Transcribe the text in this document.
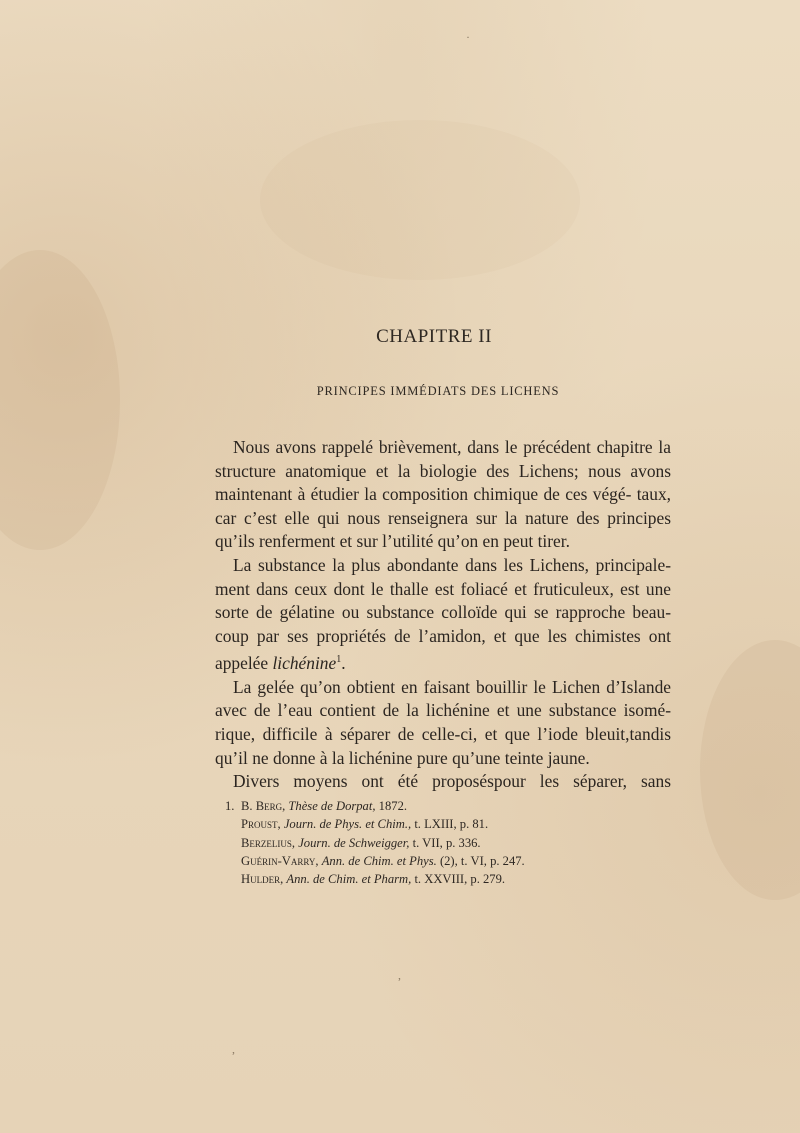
·
,
,
CHAPITRE II
PRINCIPES IMMÉDIATS DES LICHENS

Nous avons rappelé brièvement, dans le précédent chapitre la structure anatomique et la biologie des Lichens; nous avons maintenant à étudier la composition chimique de ces végé- taux, car c’est elle qui nous renseignera sur la nature des principes qu’ils renferment et sur l’utilité qu’on en peut tirer.

La substance la plus abondante dans les Lichens, principale- ment dans ceux dont le thalle est foliacé et fruticuleux, est une sorte de gélatine ou substance colloïde qui se rapproche beau- coup par ses propriétés de l’amidon, et que les chimistes ont appelée lichénine$^1$.

La gelée qu’on obtient en faisant bouillir le Lichen d’Islande avec de l’eau contient de la lichénine et une substance isomé- rique, difficile à séparer de celle-ci, et que l’iode bleuit,tandis qu’il ne donne à la lichénine pure qu’une teinte jaune.

Divers moyens ont été proposéspour les séparer, sans

1. B. Berg, Thèse de Dorpat, 1872.
Proust, Journ. de Phys. et Chim., t. LXIII, p. 81.
Berzelius, Journ. de Schweigger, t. VII, p. 336.
Guérin-Varry, Ann. de Chim. et Phys. (2), t. VI, p. 247.
Hulder, Ann. de Chim. et Pharm, t. XXVIII, p. 279.
